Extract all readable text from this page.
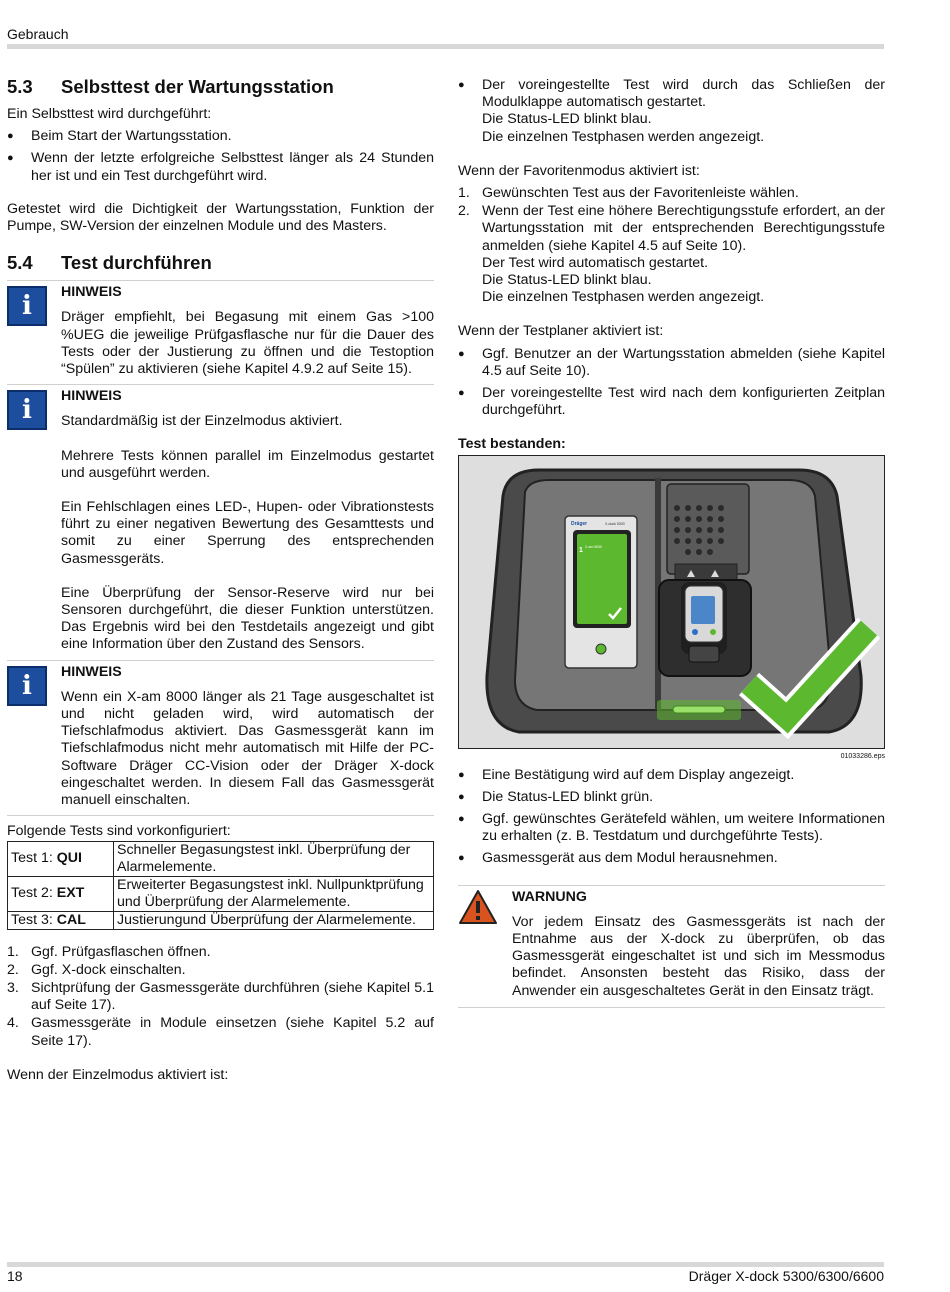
Gebrauch
5.3	Selbsttest der Wartungsstation

Ein Selbsttest wird durchgeführt:

● Beim Start der Wartungsstation.
● Wenn der letzte erfolgreiche Selbsttest länger als 24 Stunden her ist und ein Test durchgeführt wird.

Getestet wird die Dichtigkeit der Wartungsstation, Funktion der Pumpe, SW-Version der einzelnen Module und des Masters.

5.4	Test durchführen
i	HINWEIS

Dräger empfiehlt, bei Begasung mit einem Gas >100 %UEG die jeweilige Prüfgasflasche nur für die Dauer des Tests oder der Justierung zu öffnen und die Testoption “Spülen” zu aktivieren (siehe Kapitel 4.9.2 auf Seite 15).

i	HINWEIS

Standardmäßig ist der Einzelmodus aktiviert.

Mehrere Tests können parallel im Einzelmodus gestartet und ausgeführt werden.

Ein Fehlschlagen eines LED-, Hupen- oder Vibrationstests führt zu einer negativen Bewertung des Gesamttests und somit zu einer Sperrung des entsprechenden Gasmessgeräts.

Eine Überprüfung der Sensor-Reserve wird nur bei Sensoren durchgeführt, die dieser Funktion unterstützen. Das Ergebnis wird bei den Testdetails angezeigt und gibt eine Information über den Zustand des Sensors.

i	HINWEIS

Wenn ein X-am 8000 länger als 21 Tage ausgeschaltet ist und nicht geladen wird, wird automatisch der Tiefschlafmodus aktiviert. Das Gasmessgerät kann im Tiefschlafmodus nicht mehr automatisch mit Hilfe der PC-Software Dräger CC-Vision oder der Dräger X-dock eingeschaltet werden. In diesem Fall das Gasmessgerät manuell einschalten.

Folgende Tests sind vorkonfiguriert:

Test 1: QUI	Schneller Begasungstest inkl. Überprüfung der Alarmelemente.
Test 2: EXT	Erweiterter Begasungstest inkl. Nullpunktprüfung und Überprüfung der Alarmelemente.
Test 3: CAL	Justierungund Überprüfung der Alarmelemente.
1. Ggf. Prüfgasflaschen öffnen.
2. Ggf. X-dock einschalten.
3. Sichtprüfung der Gasmessgeräte durchführen (siehe Kapitel 5.1 auf Seite 17).
4. Gasmessgeräte in Module einsetzen (siehe Kapitel 5.2 auf Seite 17).

Wenn der Einzelmodus aktiviert ist:

● Der voreingestellte Test wird durch das Schließen der Modulklappe automatisch gestartet.
Die Status-LED blinkt blau.
Die einzelnen Testphasen werden angezeigt.

Wenn der Favoritenmodus aktiviert ist:

1. Gewünschten Test aus der Favoritenleiste wählen.
2. Wenn der Test eine höhere Berechtigungsstufe erfordert, an der Wartungsstation mit der entsprechenden Berechtigungsstufe anmelden (siehe Kapitel 4.5 auf Seite 10).
Der Test wird automatisch gestartet.
Die Status-LED blinkt blau.
Die einzelnen Testphasen werden angezeigt.

Wenn der Testplaner aktiviert ist:

● Ggf. Benutzer an der Wartungsstation abmelden (siehe Kapitel 4.5 auf Seite 10).
● Der voreingestellte Test wird nach dem konfigurierten Zeitplan durchgeführt.

Test bestanden:

Dräger	X-dock 5300
1 X-am 5000
01033286.eps
● Eine Bestätigung wird auf dem Display angezeigt.
● Die Status-LED blinkt grün.
● Ggf. gewünschtes Gerätefeld wählen, um weitere Informationen zu erhalten (z. B. Testdatum und durchgeführte Tests).
● Gasmessgerät aus dem Modul herausnehmen.
WARNUNG

Vor jedem Einsatz des Gasmessgeräts ist nach der Entnahme aus der X-dock zu überprüfen, ob das Gasmessgerät eingeschaltet ist und sich im Messmodus befindet. Ansonsten besteht das Risiko, dass der Anwender ein ausgeschaltetes Gerät in den Einsatz trägt.

18	Dräger X-dock 5300/6300/6600
